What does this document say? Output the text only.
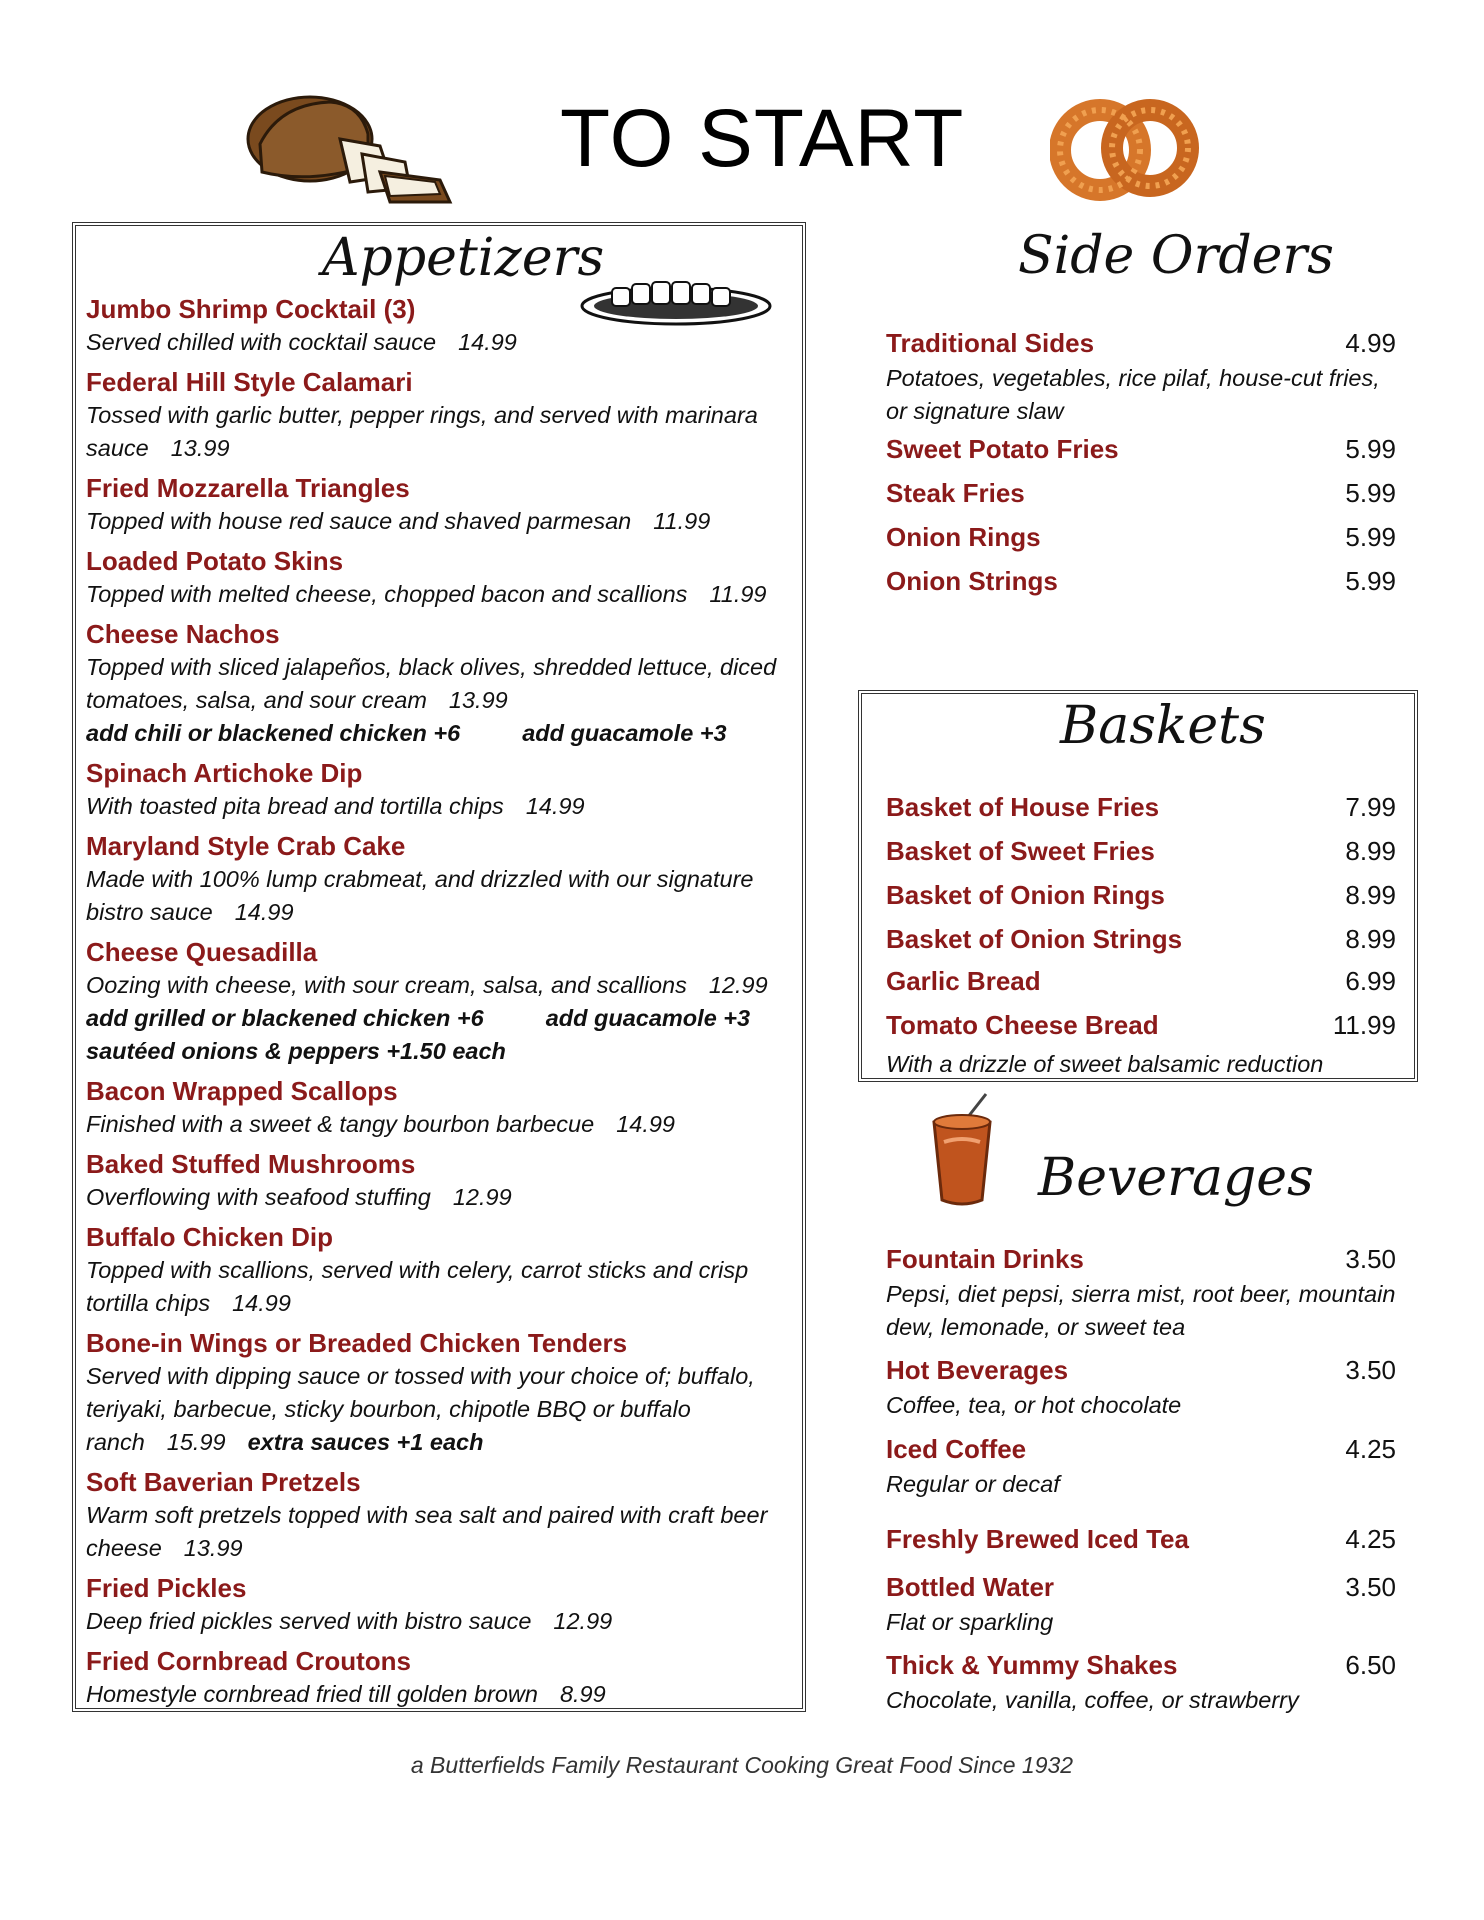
TO START
Appetizers
Jumbo Shrimp Cocktail (3)
Served chilled with cocktail sauce 14.99
Federal Hill Style Calamari
Tossed with garlic butter, pepper rings, and served with marinara sauce 13.99
Fried Mozzarella Triangles
Topped with house red sauce and shaved parmesan 11.99
Loaded Potato Skins
Topped with melted cheese, chopped bacon and scallions 11.99
Cheese Nachos
Topped with sliced jalapeños, black olives, shredded lettuce, diced tomatoes, salsa, and sour cream 13.99
add chili or blackened chicken +6	add guacamole +3
Spinach Artichoke Dip
With toasted pita bread and tortilla chips 14.99
Maryland Style Crab Cake
Made with 100% lump crabmeat, and drizzled with our signature bistro sauce 14.99
Cheese Quesadilla
Oozing with cheese, with sour cream, salsa, and scallions 12.99
add grilled or blackened chicken +6	add guacamole +3
sautéed onions & peppers +1.50 each
Bacon Wrapped Scallops
Finished with a sweet & tangy bourbon barbecue 14.99
Baked Stuffed Mushrooms
Overflowing with seafood stuffing 12.99
Buffalo Chicken Dip
Topped with scallions, served with celery, carrot sticks and crisp tortilla chips 14.99
Bone-in Wings or Breaded Chicken Tenders
Served with dipping sauce or tossed with your choice of; buffalo, teriyaki, barbecue, sticky bourbon, chipotle BBQ or buffalo ranch 15.99 extra sauces +1 each
Soft Baverian Pretzels
Warm soft pretzels topped with sea salt and paired with craft beer cheese 13.99
Fried Pickles
Deep fried pickles served with bistro sauce 12.99
Fried Cornbread Croutons
Homestyle cornbread fried till golden brown 8.99
Side Orders
Traditional Sides	4.99
Potatoes, vegetables, rice pilaf, house-cut fries, or signature slaw
Sweet Potato Fries	5.99
Steak Fries	5.99
Onion Rings	5.99
Onion Strings	5.99
Baskets
Basket of House Fries	7.99
Basket of Sweet Fries	8.99
Basket of Onion Rings	8.99
Basket of Onion Strings	8.99
Garlic Bread	6.99
Tomato Cheese Bread	11.99
With a drizzle of sweet balsamic reduction
Beverages
Fountain Drinks	3.50
Pepsi, diet pepsi, sierra mist, root beer, mountain dew, lemonade, or sweet tea
Hot Beverages	3.50
Coffee, tea, or hot chocolate
Iced Coffee	4.25
Regular or decaf
Freshly Brewed Iced Tea	4.25
Bottled Water	3.50
Flat or sparkling
Thick & Yummy Shakes	6.50
Chocolate, vanilla, coffee, or strawberry
a Butterfields Family Restaurant Cooking Great Food Since 1932
